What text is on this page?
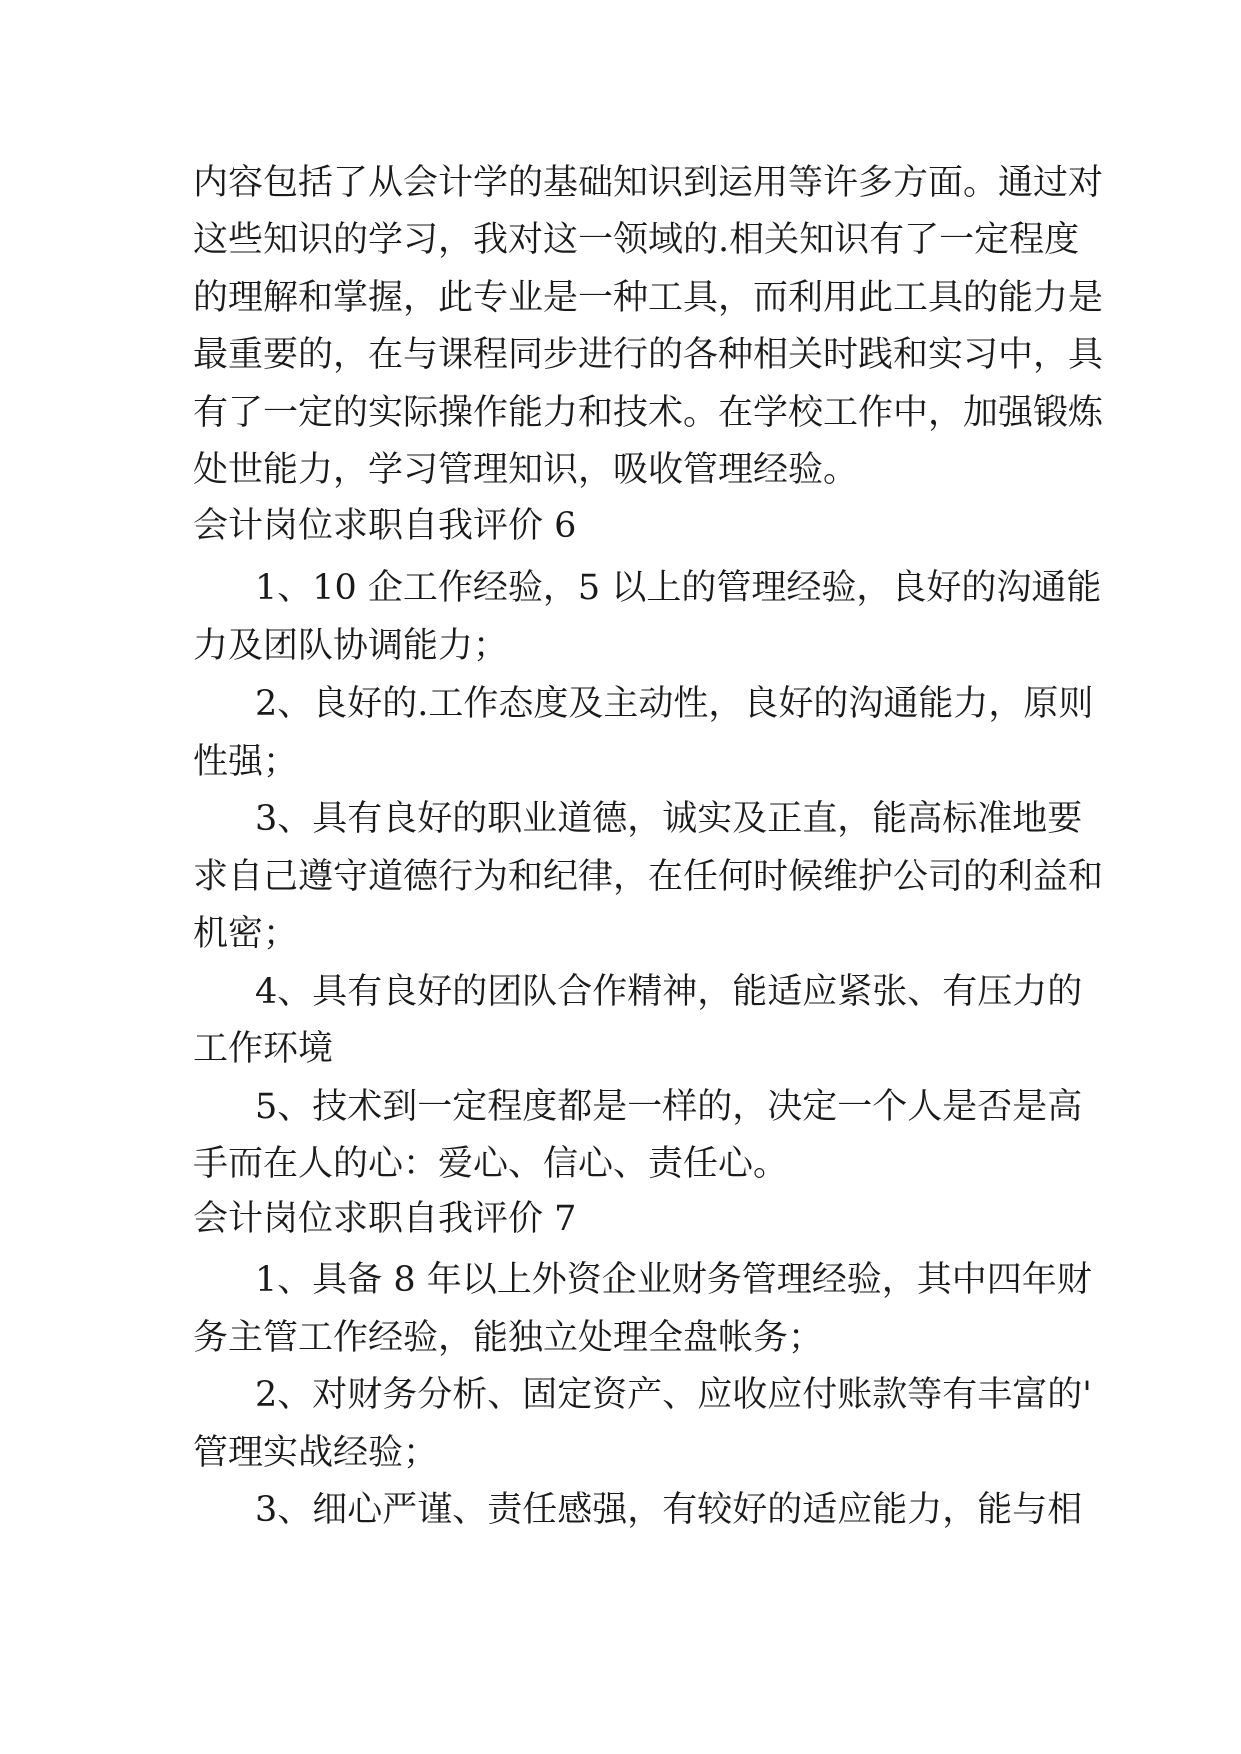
内容包括了从会计学的基础知识到运用等许多方面。通过对
这些知识的学习，我对这一领域的.相关知识有了一定程度
的理解和掌握，此专业是一种工具，而利用此工具的能力是
最重要的，在与课程同步进行的各种相关时践和实习中，具
有了一定的实际操作能力和技术。在学校工作中，加强锻炼
处世能力，学习管理知识，吸收管理经验。
会计岗位求职自我评价 6
1、10 企工作经验，5 以上的管理经验，良好的沟通能
力及团队协调能力；
2、良好的.工作态度及主动性，良好的沟通能力，原则
性强；
3、具有良好的职业道德，诚实及正直，能高标准地要
求自己遵守道德行为和纪律，在任何时候维护公司的利益和
机密；
4、具有良好的团队合作精神，能适应紧张、有压力的
工作环境
5、技术到一定程度都是一样的，决定一个人是否是高
手而在人的心：爱心、信心、责任心。
会计岗位求职自我评价 7
1、具备 8 年以上外资企业财务管理经验，其中四年财
务主管工作经验，能独立处理全盘帐务；
2、对财务分析、固定资产、应收应付账款等有丰富的'
管理实战经验；
3、细心严谨、责任感强，有较好的适应能力，能与相
